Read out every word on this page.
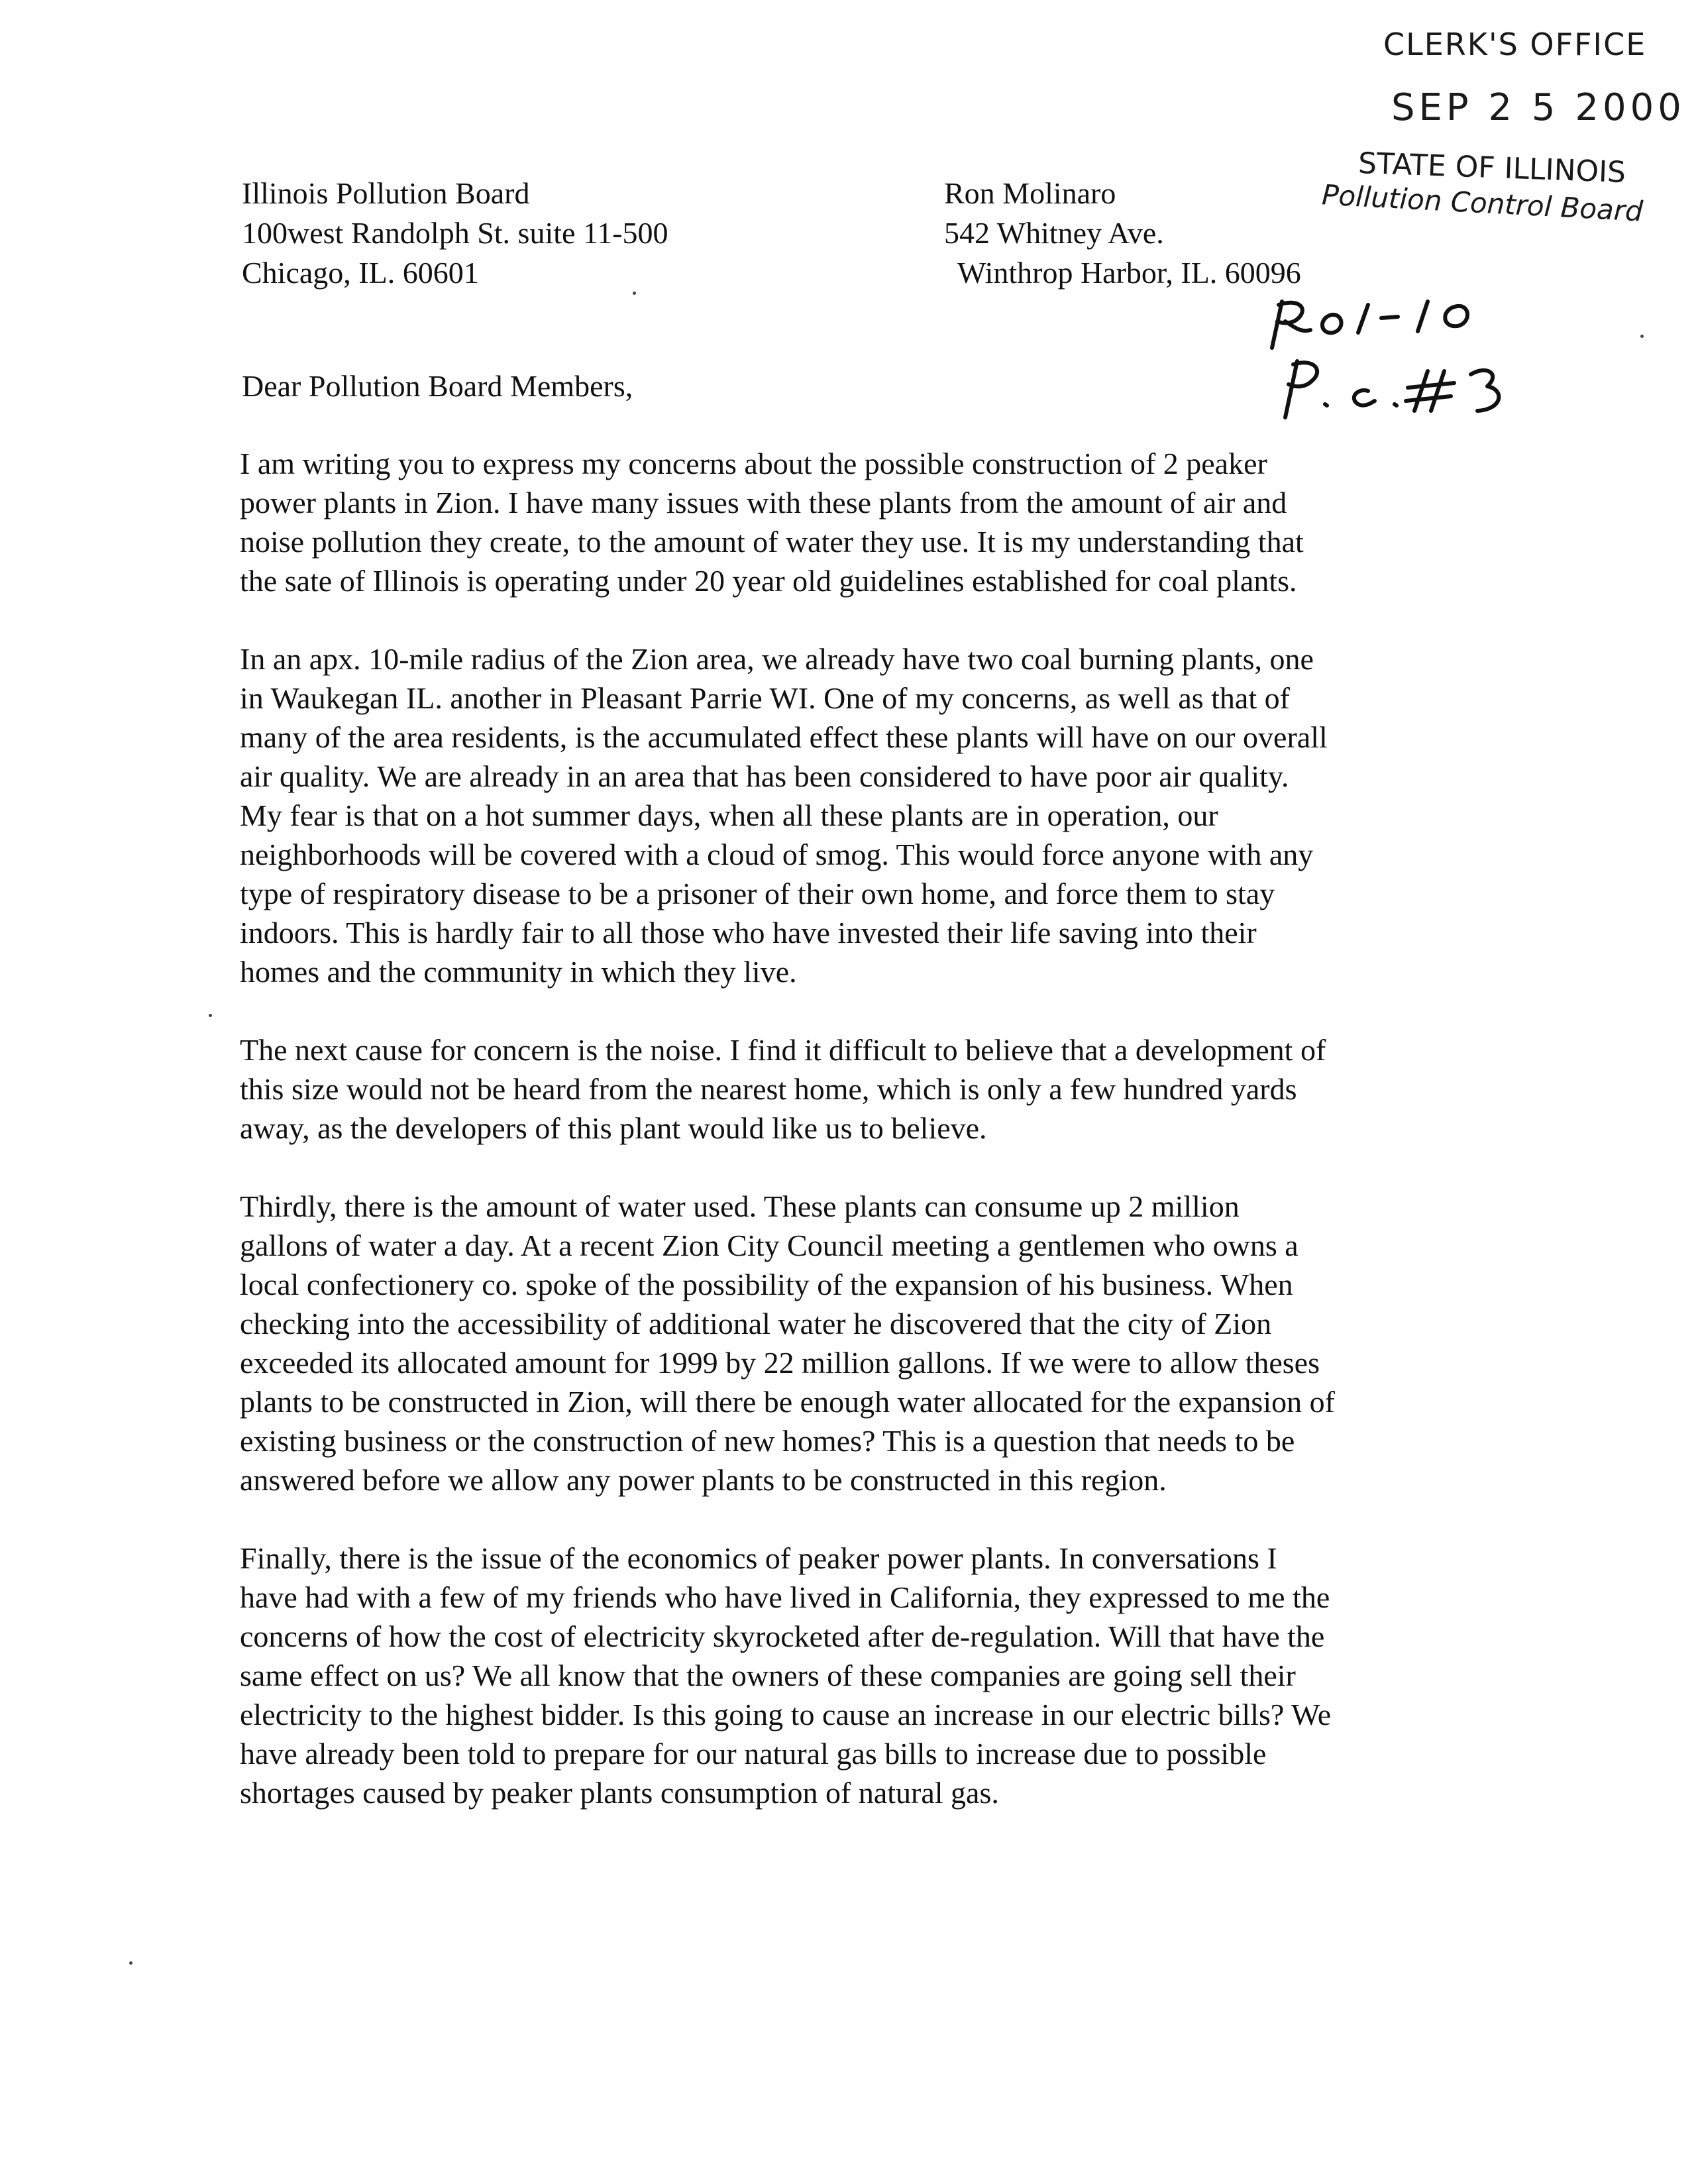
CLERK'S OFFICE
SEP 2 5 2000
STATE OF ILLINOIS
Pollution Control Board
Illinois Pollution Board
100west Randolph St. suite 11-500
Chicago, IL. 60601
Ron Molinaro
542 Whitney Ave.
Winthrop Harbor, IL. 60096
Dear Pollution Board Members,

I am writing you to express my concerns about the possible construction of 2 peaker
power plants in Zion. I have many issues with these plants from the amount of air and
noise pollution they create, to the amount of water they use. It is my understanding that
the sate of Illinois is operating under 20 year old guidelines established for coal plants.

In an apx. 10-mile radius of the Zion area, we already have two coal burning plants, one
in Waukegan IL. another in Pleasant Parrie WI. One of my concerns, as well as that of
many of the area residents, is the accumulated effect these plants will have on our overall
air quality. We are already in an area that has been considered to have poor air quality.
My fear is that on a hot summer days, when all these plants are in operation, our
neighborhoods will be covered with a cloud of smog. This would force anyone with any
type of respiratory disease to be a prisoner of their own home, and force them to stay
indoors. This is hardly fair to all those who have invested their life saving into their
homes and the community in which they live.

The next cause for concern is the noise. I find it difficult to believe that a development of
this size would not be heard from the nearest home, which is only a few hundred yards
away, as the developers of this plant would like us to believe.

Thirdly, there is the amount of water used. These plants can consume up 2 million
gallons of water a day. At a recent Zion City Council meeting a gentlemen who owns a
local confectionery co. spoke of the possibility of the expansion of his business. When
checking into the accessibility of additional water he discovered that the city of Zion
exceeded its allocated amount for 1999 by 22 million gallons. If we were to allow theses
plants to be constructed in Zion, will there be enough water allocated for the expansion of
existing business or the construction of new homes? This is a question that needs to be
answered before we allow any power plants to be constructed in this region.

Finally, there is the issue of the economics of peaker power plants. In conversations I
have had with a few of my friends who have lived in California, they expressed to me the
concerns of how the cost of electricity skyrocketed after de-regulation. Will that have the
same effect on us? We all know that the owners of these companies are going sell their
electricity to the highest bidder. Is this going to cause an increase in our electric bills? We
have already been told to prepare for our natural gas bills to increase due to possible
shortages caused by peaker plants consumption of natural gas.
